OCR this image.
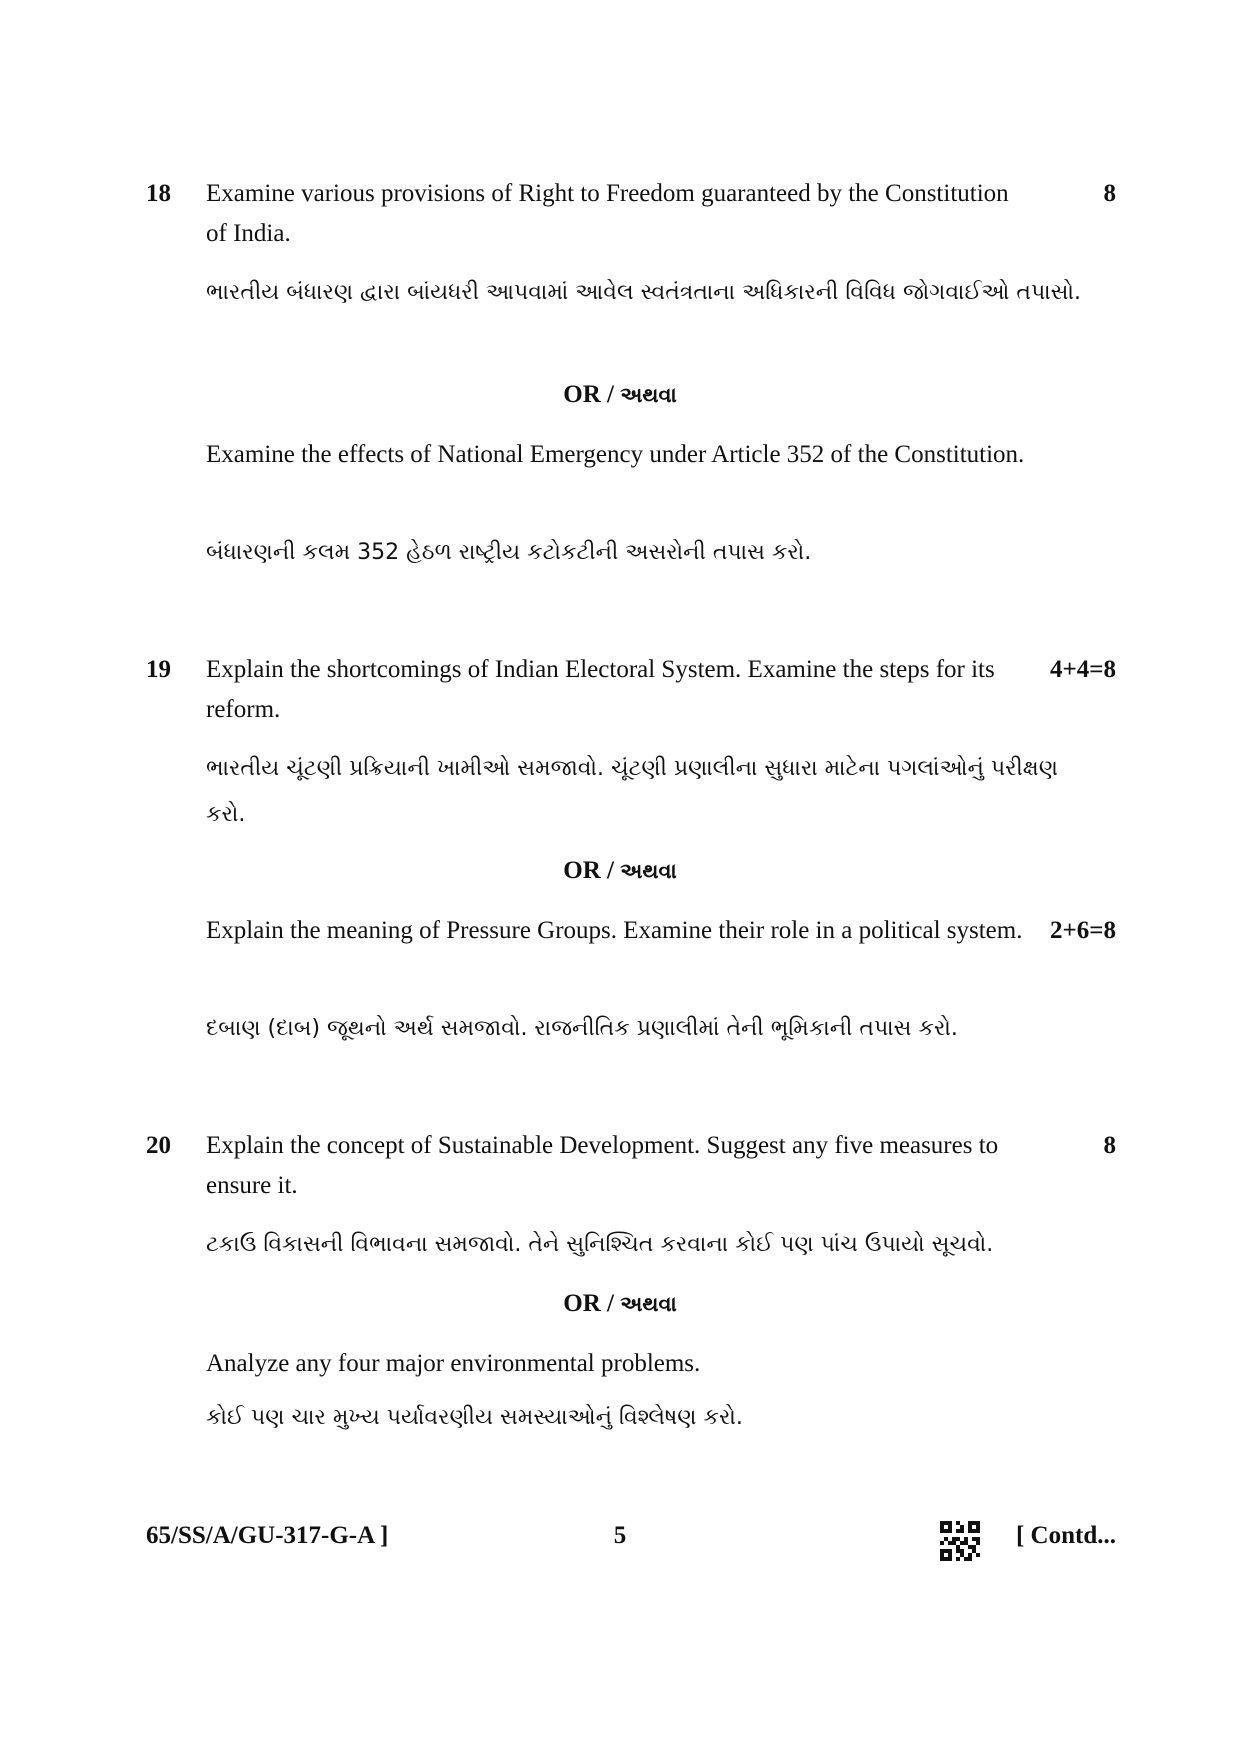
18	Examine various provisions of Right to Freedom guaranteed by the Constitution of India.
8
ભારતીય બંધારણ દ્વારા બાંયધરી આપવામાં આવેલ સ્વતંત્રતાના અધિકારની વિવિધ જોગવાઈઓ તપાસો.
OR / અથવા
Examine the effects of National Emergency under Article 352 of the Constitution.
બંધારણની કલમ 352 હેઠળ રાષ્ટ્રીય કટોકટીની અસરોની તપાસ કરો.
19	Explain the shortcomings of Indian Electoral System. Examine the steps for its reform.
4+4=8
ભારતીય ચૂંટણી પ્રક્રિયાની ખામીઓ સમજાવો. ચૂંટણી પ્રણાલીના સુધારા માટેના પગલાંઓનું પરીક્ષણ કરો.
OR / અથવા
Explain the meaning of Pressure Groups. Examine their role in a political system.	2+6=8
દબાણ (દાબ) જૂથનો અર્થ સમજાવો. રાજનીતિક પ્રણાલીમાં તેની ભૂમિકાની તપાસ કરો.
20	Explain the concept of Sustainable Development. Suggest any five measures to ensure it.
8
ટકાઉ વિકાસની વિભાવના સમજાવો. તેને સુનિશ્ચિત કરવાના કોઈ પણ પાંચ ઉપાયો સૂચવો.
OR / અથવા
Analyze any four major environmental problems.
કોઈ પણ ચાર મુખ્ય પર્યાવરણીય સમસ્યાઓનું વિશ્લેષણ કરો.
65/SS/A/GU-317-G-A ]	5	[ Contd...
